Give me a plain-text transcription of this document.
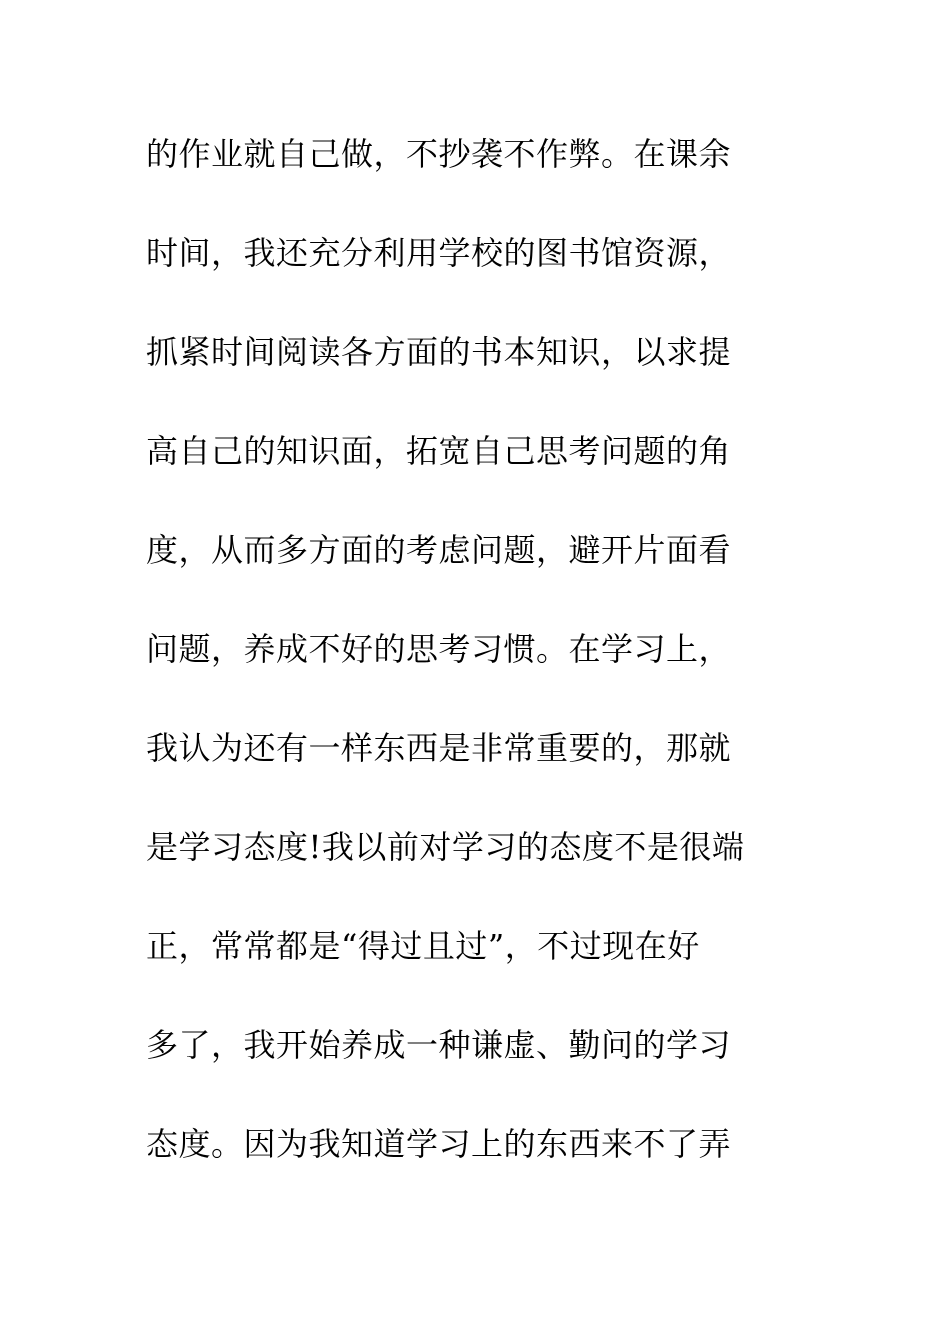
的作业就自己做，不抄袭不作弊。在课余
时间，我还充分利用学校的图书馆资源，
抓紧时间阅读各方面的书本知识，以求提
高自己的知识面，拓宽自己思考问题的角
度，从而多方面的考虑问题，避开片面看
问题，养成不好的思考习惯。在学习上，
我认为还有一样东西是非常重要的，那就
是学习态度!我以前对学习的态度不是很端
正，常常都是“得过且过”，不过现在好
多了，我开始养成一种谦虚、勤问的学习
态度。因为我知道学习上的东西来不了弄
